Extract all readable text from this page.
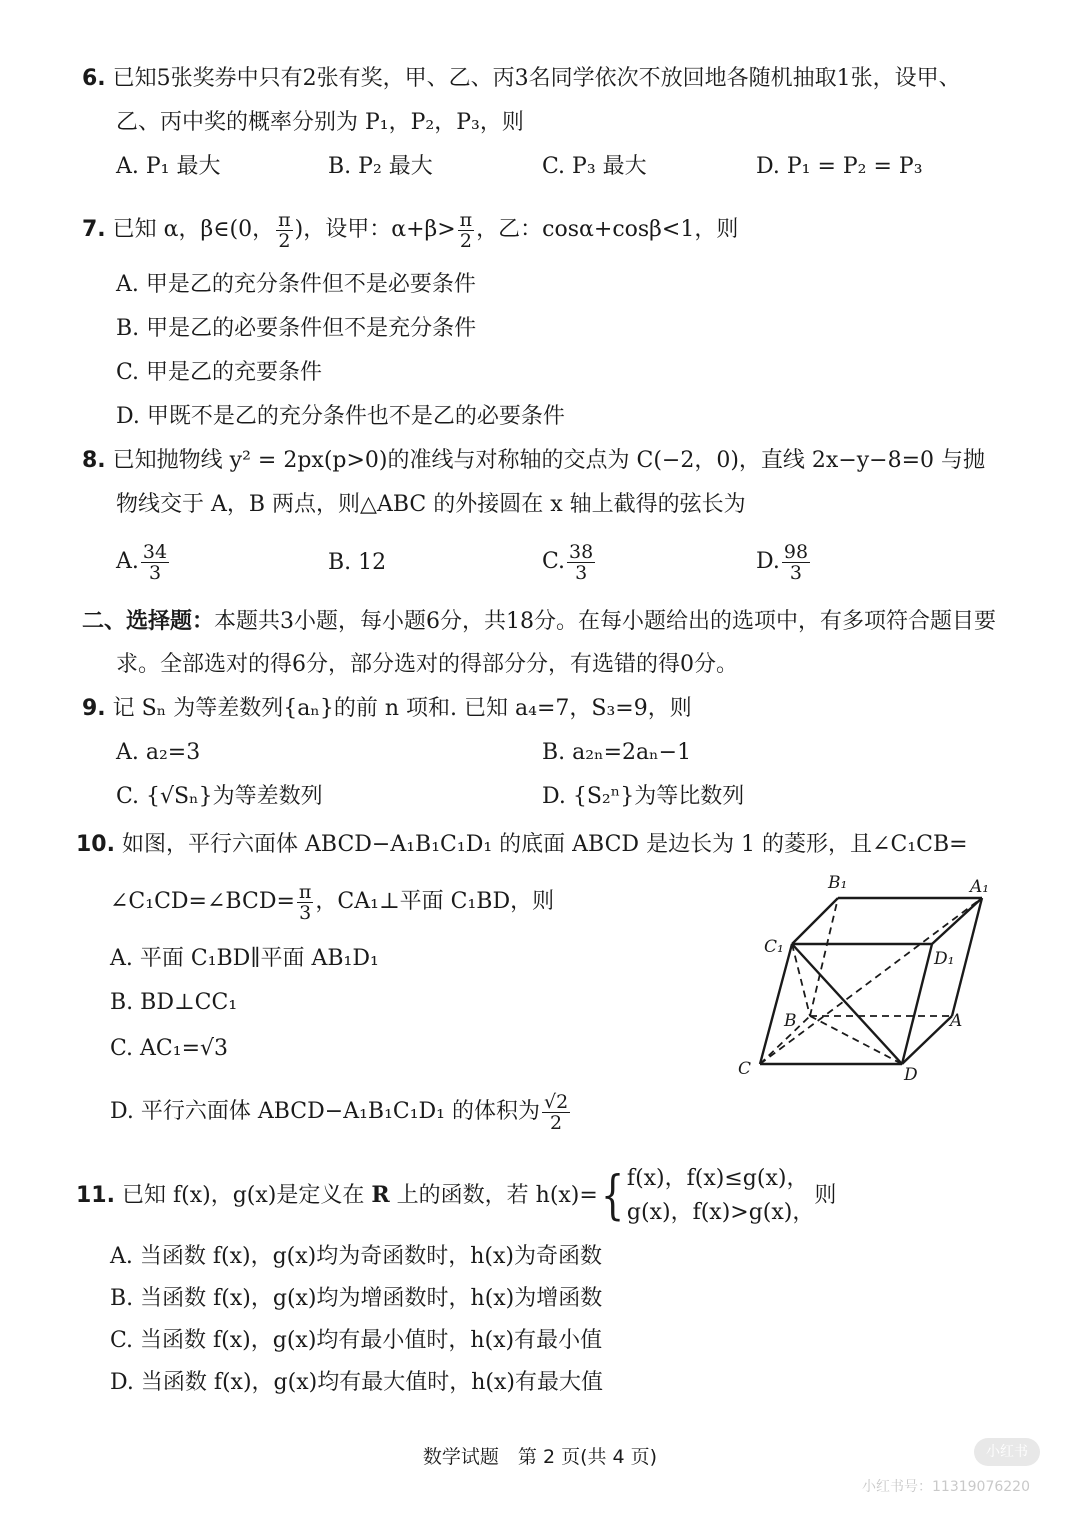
6. 已知5张奖券中只有2张有奖，甲、乙、丙3名同学依次不放回地各随机抽取1张，设甲、
乙、丙中奖的概率分别为 P₁，P₂，P₃，则
A. P₁ 最大	B. P₂ 最大	C. P₃ 最大	D. P₁ = P₂ = P₃
7. 已知 α，β∈(0， $\frac{\pi}{2}$ )，设甲：$\alpha+\beta> \frac{\pi}{2}$ ，乙：cosα+cosβ<1，则
A. 甲是乙的充分条件但不是必要条件
B. 甲是乙的必要条件但不是充分条件
C. 甲是乙的充要条件
D. 甲既不是乙的充分条件也不是乙的必要条件
8. 已知抛物线 y² = 2px(p>0)的准线与对称轴的交点为 C(−2，0)，直线 2x−y−8=0 与抛
物线交于 A，B 两点，则△ABC 的外接圆在 x 轴上截得的弦长为
A. $\frac{34}{3}$	B. 12	C. $\frac{38}{3}$	D. $\frac{98}{3}$
二、选择题：本题共3小题，每小题6分，共18分。在每小题给出的选项中，有多项符合题目要
求。全部选对的得6分，部分选对的得部分分，有选错的得0分。
9. 记 Sₙ 为等差数列{aₙ}的前 n 项和. 已知 a₄=7，S₃=9，则
A. a₂=3	B. a₂ₙ=2aₙ−1
C. {√Sₙ}为等差数列	D. {S₂ⁿ}为等比数列
10. 如图，平行六面体 ABCD−A₁B₁C₁D₁ 的底面 ABCD 是边长为 1 的菱形，且∠C₁CB=
∠C₁CD=∠BCD= $\frac{\pi}{3}$ ，CA₁⊥平面 C₁BD，则
A. 平面 C₁BD∥平面 AB₁D₁
B. BD⊥CC₁
C. AC₁=√3
D. 平行六面体 ABCD−A₁B₁C₁D₁ 的体积为 $\frac{√2}{2}$
B₁	A₁
C₁
D₁
B	A
C	D
11. 已知 f(x)，g(x)是定义在 R 上的函数，若 h(x)={ f(x)，f(x)≤g(x)，
g(x)，f(x)>g(x)，
则
A. 当函数 f(x)，g(x)均为奇函数时，h(x)为奇函数
B. 当函数 f(x)，g(x)均为增函数时，h(x)为增函数
C. 当函数 f(x)，g(x)均有最小值时，h(x)有最小值
D. 当函数 f(x)，g(x)均有最大值时，h(x)有最大值
数学试题　第 2 页(共 4 页)	小红书
小红书号：11319076220
